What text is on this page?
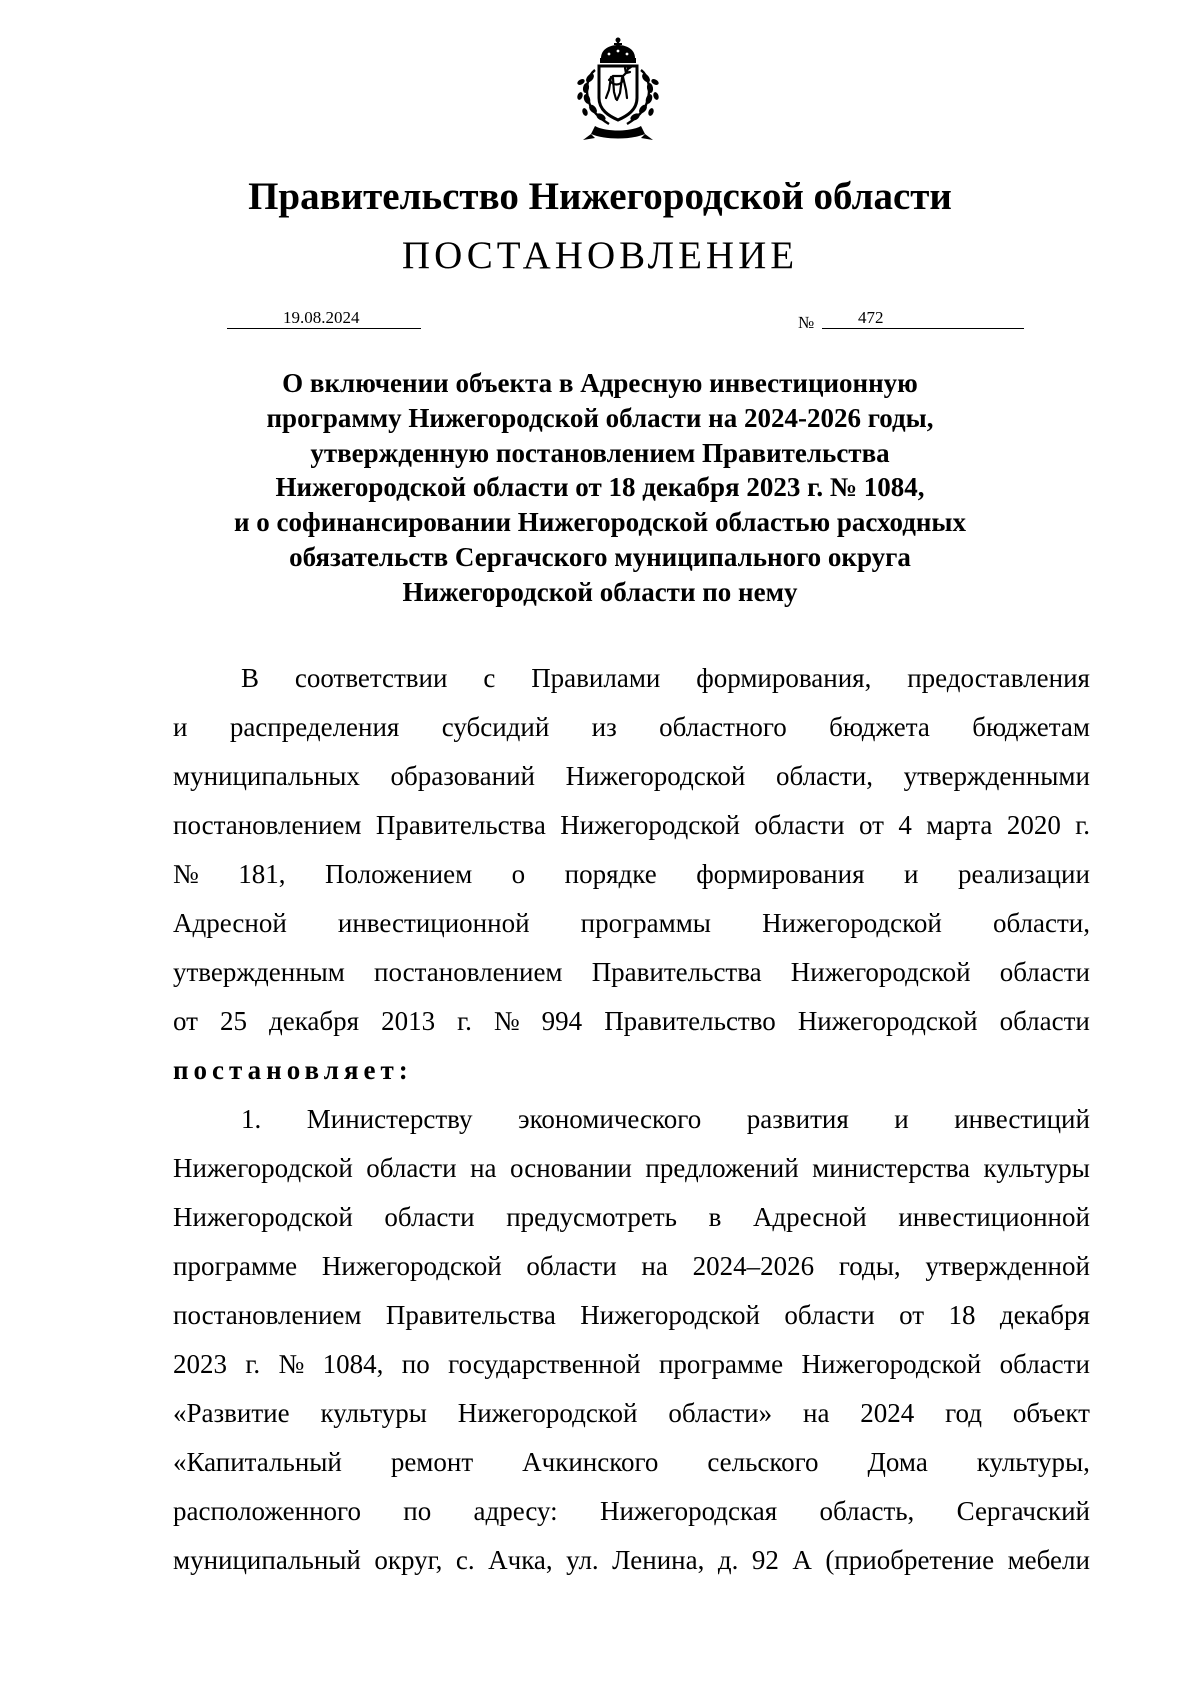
Правительство Нижегородской области
ПОСТАНОВЛЕНИЕ
19.08.2024	№	472
О включении объекта в Адресную инвестиционную
программу Нижегородской области на 2024-2026 годы,
утвержденную постановлением Правительства
Нижегородской области от 18 декабря 2023 г. № 1084,
и о софинансировании Нижегородской областью расходных
обязательств Сергачского муниципального округа
Нижегородской области по нему
В соответствии с Правилами формирования, предоставления
и распределения субсидий из областного бюджета бюджетам
муниципальных образований Нижегородской области, утвержденными
постановлением Правительства Нижегородской области от 4 марта 2020 г.
№ 181, Положением о порядке формирования и реализации
Адресной инвестиционной программы Нижегородской области,
утвержденным постановлением Правительства Нижегородской области
от 25 декабря 2013 г. № 994 Правительство Нижегородской области
постановляет:
1. Министерству экономического развития и инвестиций
Нижегородской области на основании предложений министерства культуры
Нижегородской области предусмотреть в Адресной инвестиционной
программе Нижегородской области на 2024–2026 годы, утвержденной
постановлением Правительства Нижегородской области от 18 декабря
2023 г. № 1084, по государственной программе Нижегородской области
«Развитие культуры Нижегородской области» на 2024 год объект
«Капитальный ремонт Ачкинского сельского Дома культуры,
расположенного по адресу: Нижегородская область, Сергачский
муниципальный округ, с. Ачка, ул. Ленина, д. 92 А (приобретение мебели
